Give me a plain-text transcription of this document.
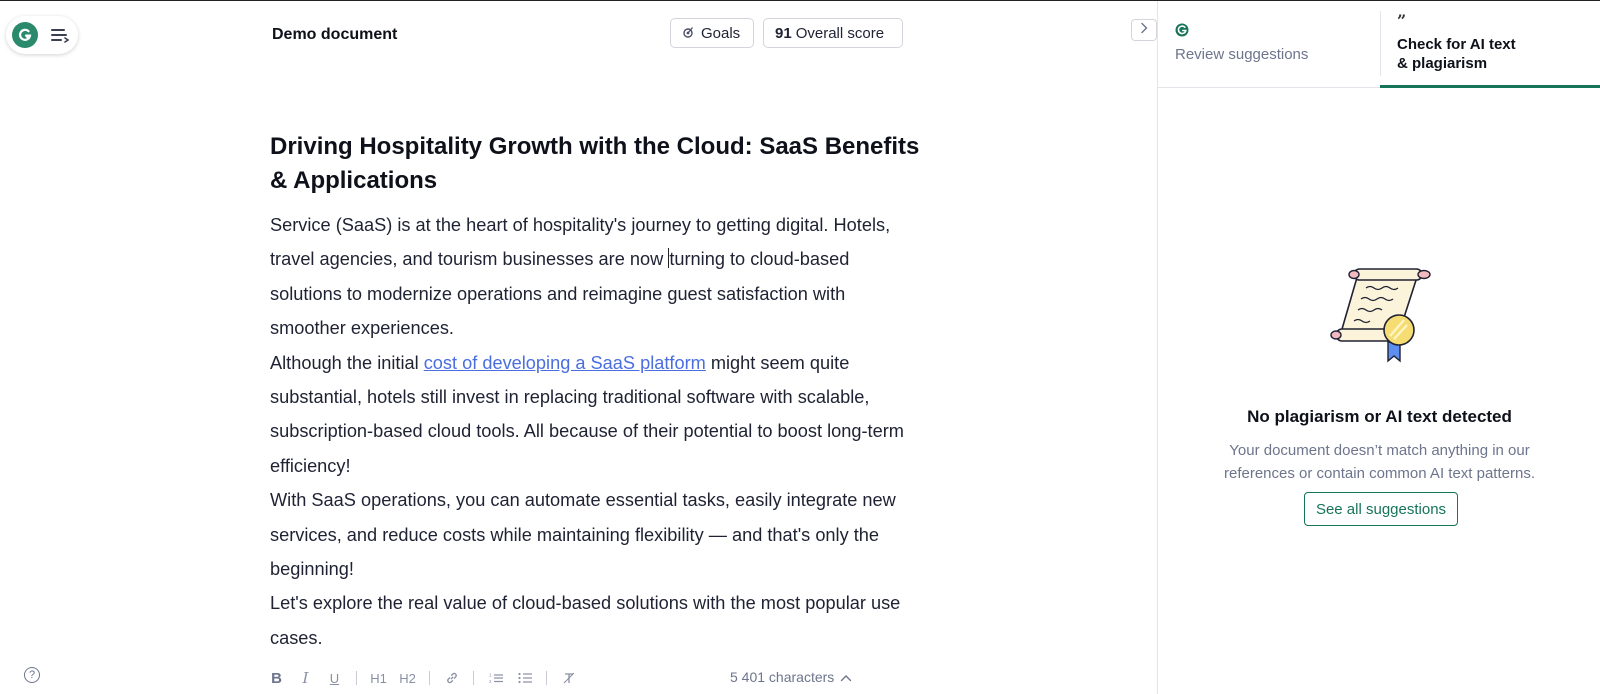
Demo document	Goals 91 Overall score
Driving Hospitality Growth with the Cloud: SaaS Benefits & Applications

Service (SaaS) is at the heart of hospitality's journey to getting digital. Hotels, travel agencies, and tourism businesses are now turning to cloud-based solutions to modernize operations and reimagine guest satisfaction with smoother experiences.

Although the initial cost of developing a SaaS platform might seem quite substantial, hotels still invest in replacing traditional software with scalable, subscription-based cloud tools. All because of their potential to boost long-term efficiency!

With SaaS operations, you can automate essential tasks, easily integrate new services, and reduce costs while maintaining flexibility — and that's only the beginning!

Let's explore the real value of cloud-based solutions with the most popular use cases.

?	B	I	U	H1 H2	1
2	5 401 characters
Review suggestions
”
Check for AI text & plagiarism
No plagiarism or AI text detected
Your document doesn’t match anything in our references or contain common AI text patterns.
See all suggestions
